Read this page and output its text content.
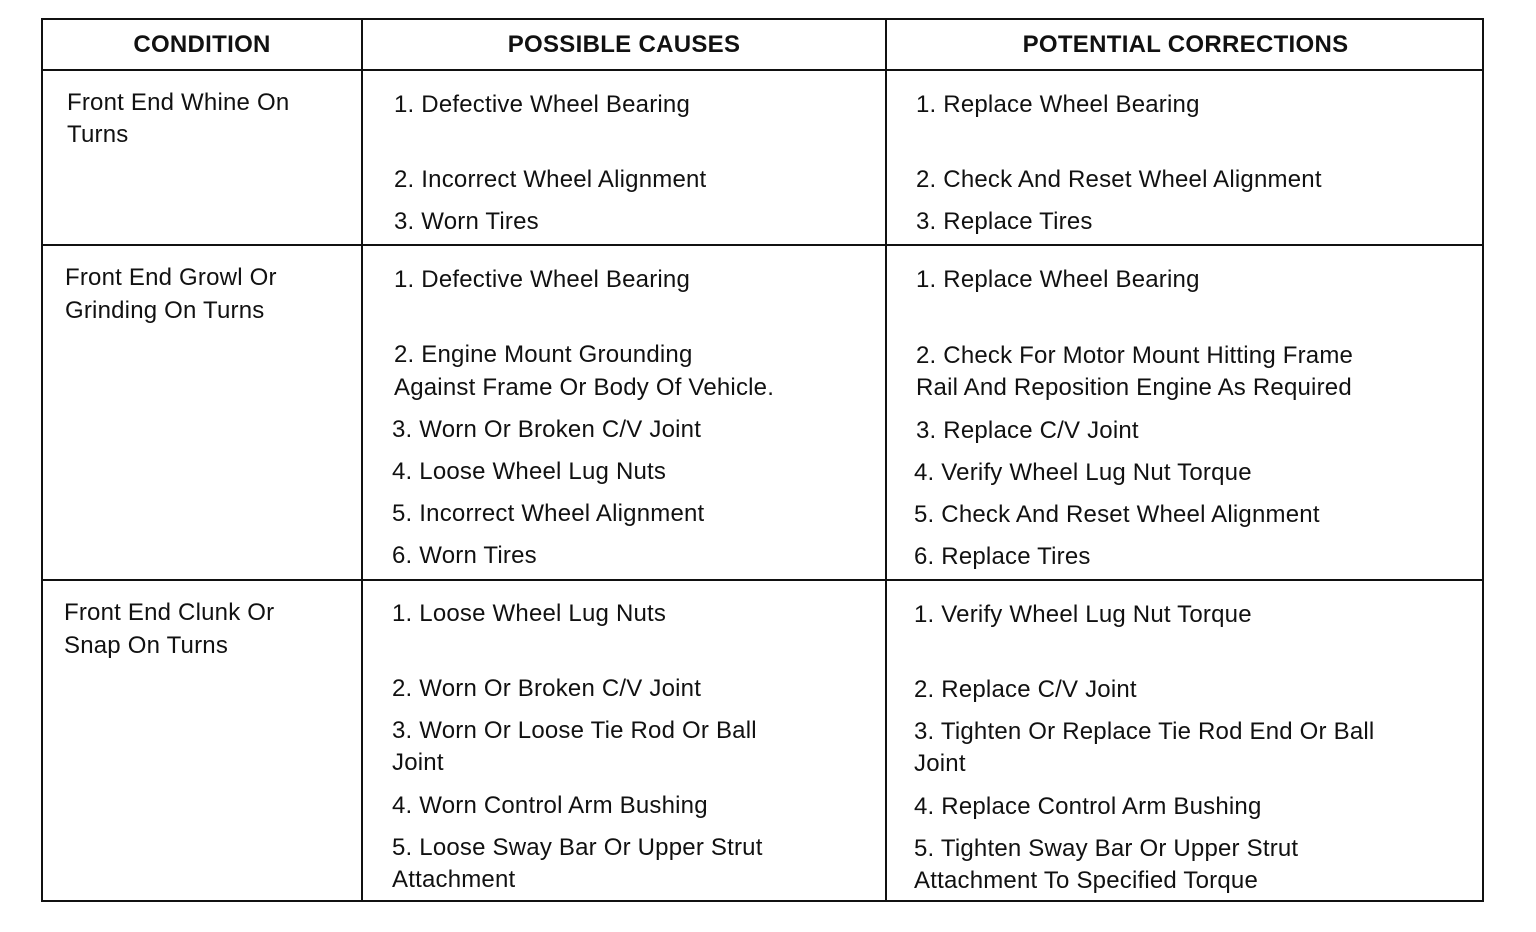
CONDITION	POSSIBLE CAUSES	POTENTIAL CORRECTIONS
Front End Whine On
Turns
1. Defective Wheel Bearing
2. Incorrect Wheel Alignment
3. Worn Tires
1. Replace Wheel Bearing
2. Check And Reset Wheel Alignment
3. Replace Tires
Front End Growl Or
Grinding On Turns
1. Defective Wheel Bearing
2. Engine Mount Grounding
Against Frame Or Body Of Vehicle.
3. Worn Or Broken C/V Joint
4. Loose Wheel Lug Nuts
5. Incorrect Wheel Alignment
6. Worn Tires
1. Replace Wheel Bearing
2. Check For Motor Mount Hitting Frame
Rail And Reposition Engine As Required
3. Replace C/V Joint
4. Verify Wheel Lug Nut Torque
5. Check And Reset Wheel Alignment
6. Replace Tires
Front End Clunk Or
Snap On Turns
1. Loose Wheel Lug Nuts
2. Worn Or Broken C/V Joint
3. Worn Or Loose Tie Rod Or Ball
Joint
4. Worn Control Arm Bushing
5. Loose Sway Bar Or Upper Strut
Attachment
1. Verify Wheel Lug Nut Torque
2. Replace C/V Joint
3. Tighten Or Replace Tie Rod End Or Ball
Joint
4. Replace Control Arm Bushing
5. Tighten Sway Bar Or Upper Strut
Attachment To Specified Torque
